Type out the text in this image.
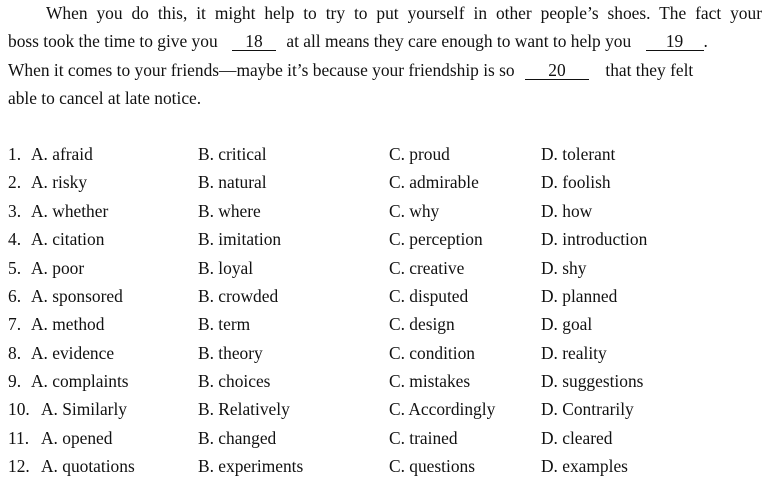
When you do this, it might help to try to put yourself in other people’s shoes. The fact your
boss took the time to give you 18 at all means they care enough to want to help you 19 .
When it comes to your friends—maybe it’s because your friendship is so 20 that they felt
able to cancel at late notice.
1. A. afraid	B. critical	C. proud	D. tolerant
2. A. risky	B. natural	C. admirable	D. foolish
3. A. whether	B. where	C. why	D. how
4. A. citation	B. imitation	C. perception	D. introduction
5. A. poor	B. loyal	C. creative	D. shy
6. A. sponsored	B. crowded	C. disputed	D. planned
7. A. method	B. term	C. design	D. goal
8. A. evidence	B. theory	C. condition	D. reality
9. A. complaints	B. choices	C. mistakes	D. suggestions
10. A. Similarly	B. Relatively	C. Accordingly	D. Contrarily
11. A. opened	B. changed	C. trained	D. cleared
12. A. quotations	B. experiments	C. questions	D. examples
